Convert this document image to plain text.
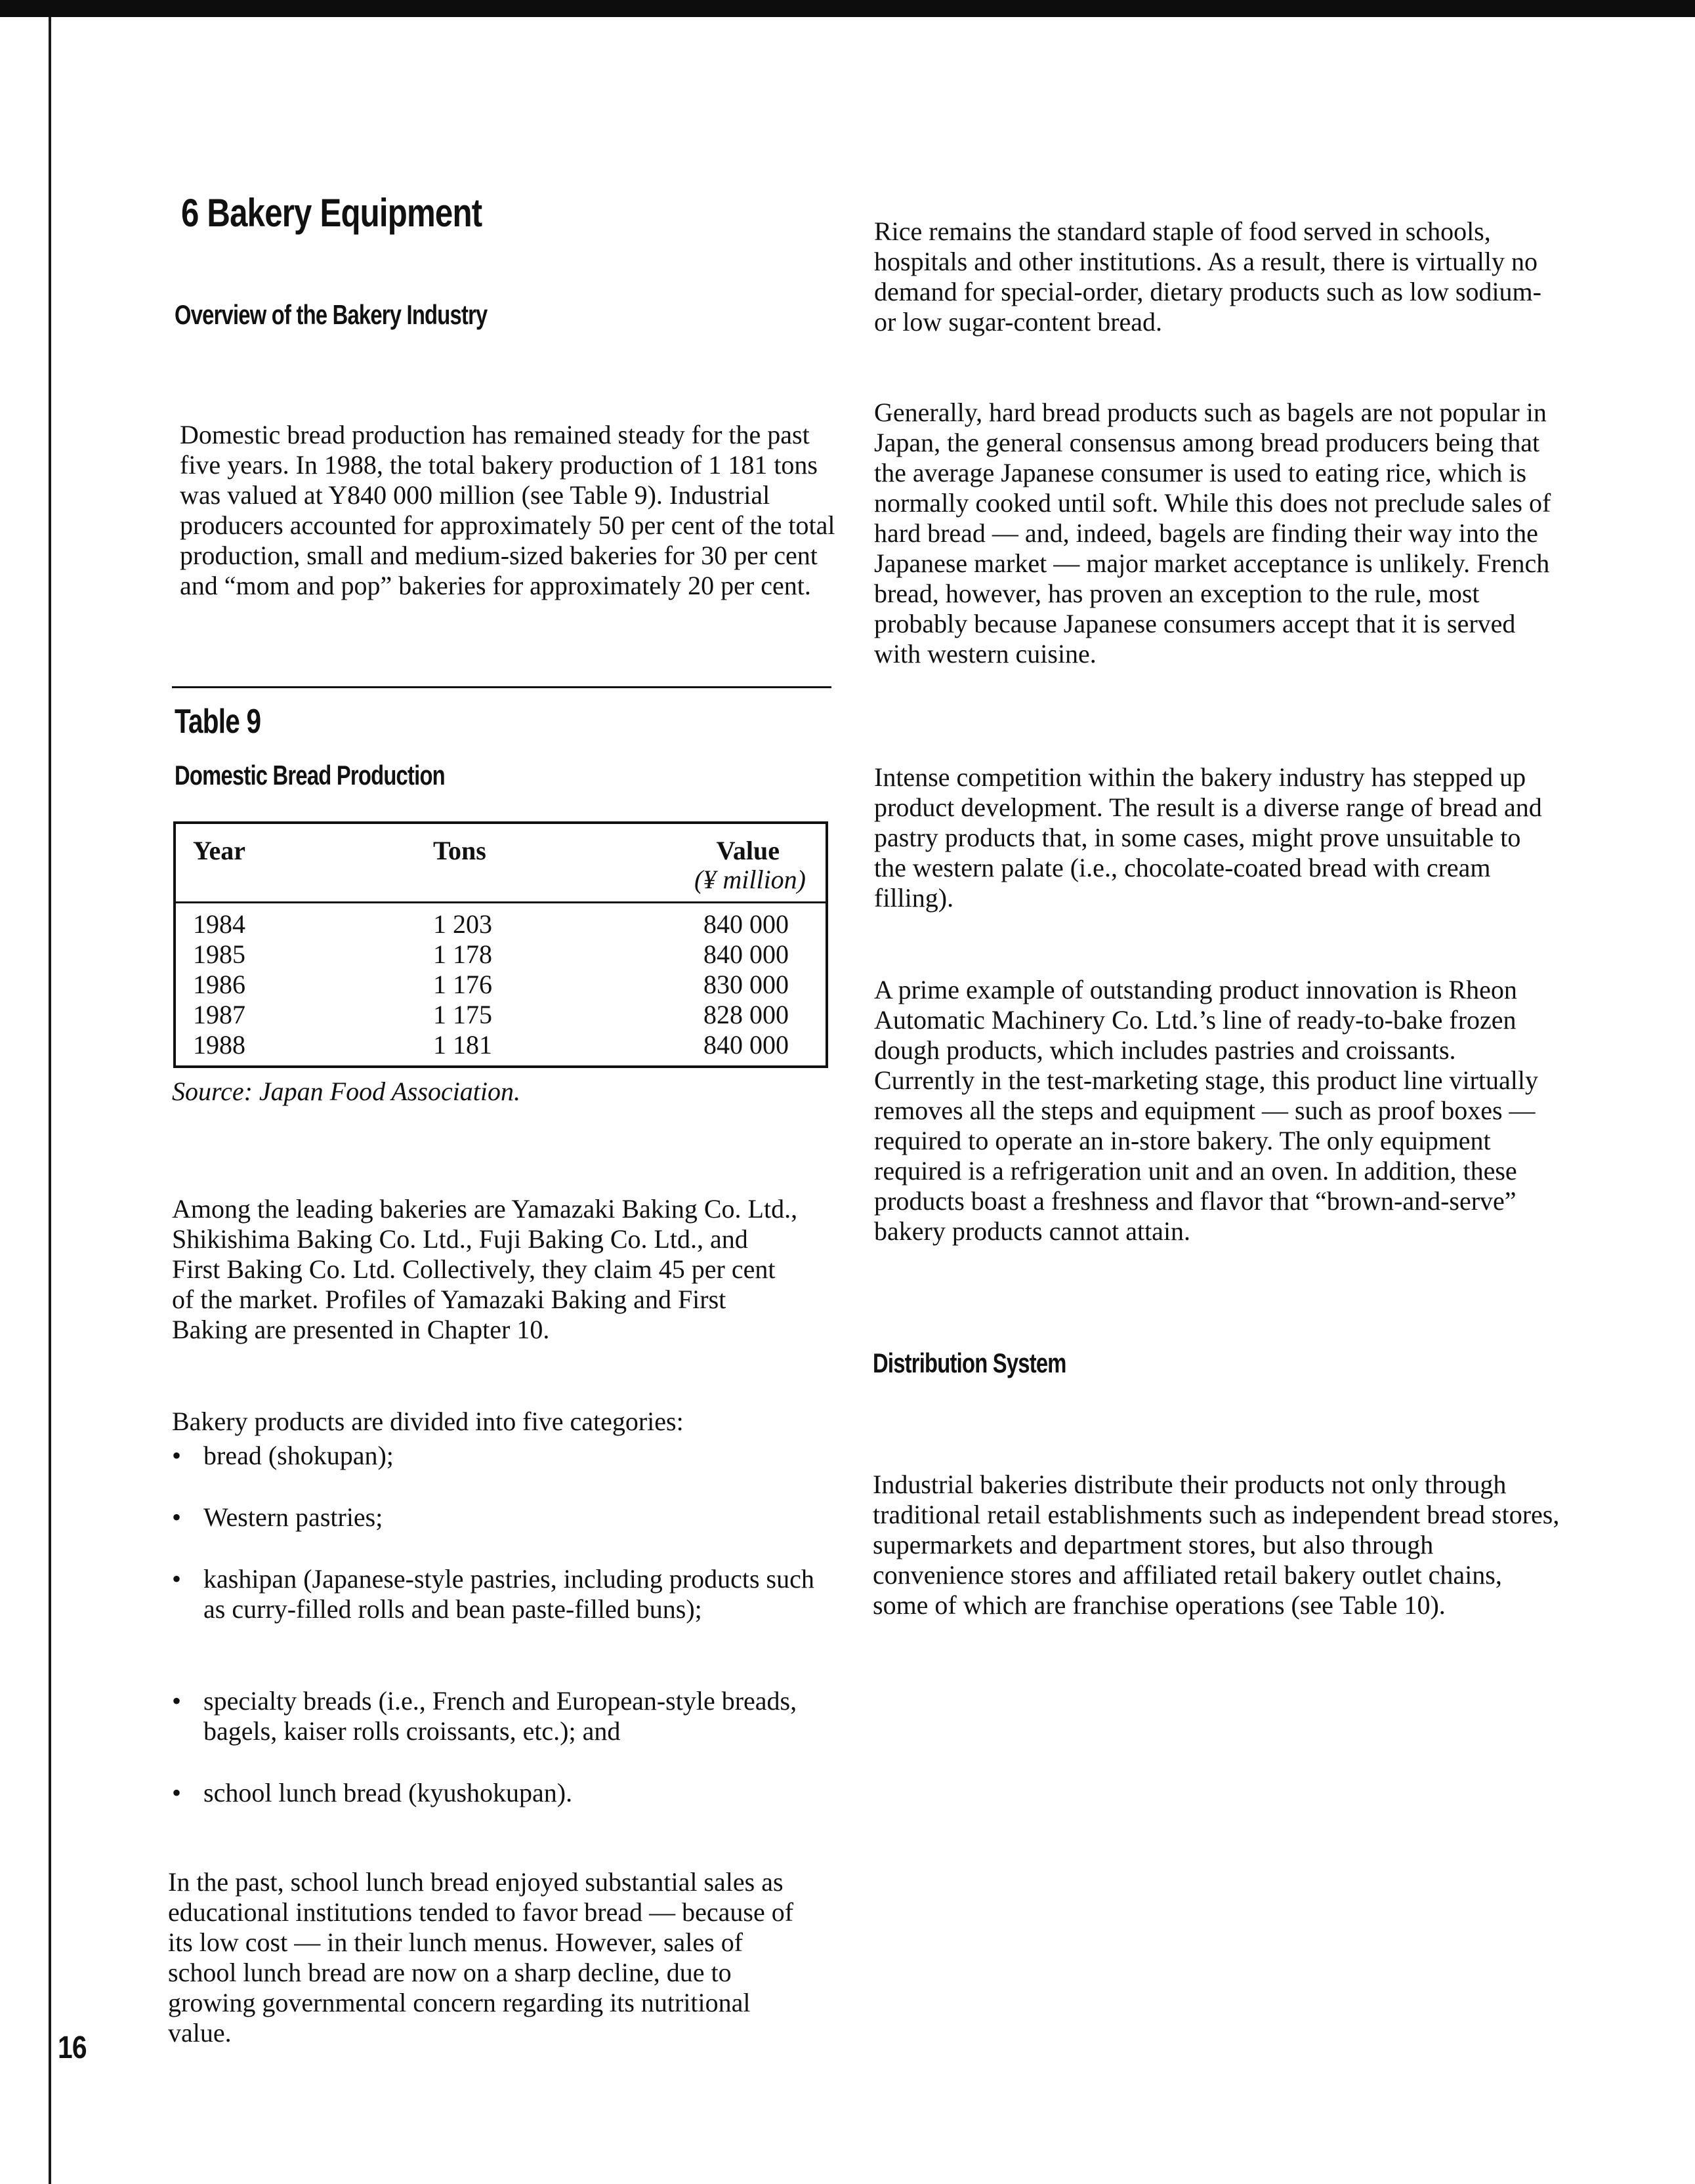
6 Bakery Equipment
Overview of the Bakery Industry

Domestic bread production has remained steady for the past five years. In 1988, the total bakery production of 1 181 tons was valued at Y840 000 million (see Table 9). Industrial producers accounted for approximately 50 per cent of the total production, small and medium-sized bakeries for 30 per cent and “mom and pop” bakeries for approximately 20 per cent.

Table 9
Domestic Bread Production
Year	Tons	Value
(¥ million)
1984	1 203	840 000
1985	1 178	840 000
1986	1 176	830 000
1987	1 175	828 000
1988	1 181	840 000
Source: Japan Food Association.

Among the leading bakeries are Yamazaki Baking Co. Ltd., Shikishima Baking Co. Ltd., Fuji Baking Co. Ltd., and First Baking Co. Ltd. Collectively, they claim 45 per cent of the market. Profiles of Yamazaki Baking and First Baking are presented in Chapter 10.

Bakery products are divided into five categories:

• bread (shokupan);
• Western pastries;
• kashipan (Japanese-style pastries, including products such as curry-filled rolls and bean paste-filled buns);
• specialty breads (i.e., French and European-style breads, bagels, kaiser rolls croissants, etc.); and
• school lunch bread (kyushokupan).

In the past, school lunch bread enjoyed substantial sales as educational institutions tended to favor bread — because of its low cost — in their lunch menus. However, sales of school lunch bread are now on a sharp decline, due to growing governmental concern regarding its nutritional value.

16

Rice remains the standard staple of food served in schools, hospitals and other institutions. As a result, there is virtually no demand for special-order, dietary products such as low sodium- or low sugar-content bread.

Generally, hard bread products such as bagels are not popular in Japan, the general consensus among bread producers being that the average Japanese consumer is used to eating rice, which is normally cooked until soft. While this does not preclude sales of hard bread — and, indeed, bagels are finding their way into the Japanese market — major market acceptance is unlikely. French bread, however, has proven an exception to the rule, most probably because Japanese consumers accept that it is served with western cuisine.

Intense competition within the bakery industry has stepped up product development. The result is a diverse range of bread and pastry products that, in some cases, might prove unsuitable to the western palate (i.e., chocolate-coated bread with cream filling).

A prime example of outstanding product innovation is Rheon Automatic Machinery Co. Ltd.’s line of ready-to-bake frozen dough products, which includes pastries and croissants. Currently in the test-marketing stage, this product line virtually removes all the steps and equipment — such as proof boxes — required to operate an in-store bakery. The only equipment required is a refrigeration unit and an oven. In addition, these products boast a freshness and flavor that “brown-and-serve” bakery products cannot attain.

Distribution System

Industrial bakeries distribute their products not only through traditional retail establishments such as independent bread stores, supermarkets and department stores, but also through convenience stores and affiliated retail bakery outlet chains, some of which are franchise operations (see Table 10).
